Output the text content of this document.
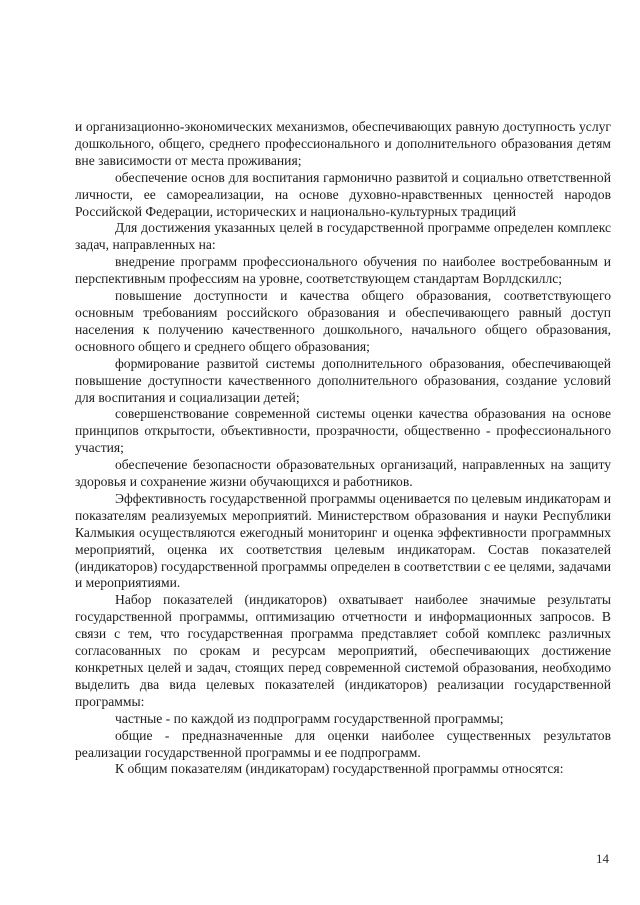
и организационно-экономических механизмов, обеспечивающих равную доступность услуг дошкольного, общего, среднего профессионального и дополнительного образования детям вне зависимости от места проживания;

обеспечение основ для воспитания гармонично развитой и социально ответственной личности, ее самореализации, на основе духовно-нравственных ценностей народов Российской Федерации, исторических и национально-культурных традиций

Для достижения указанных целей в государственной программе определен комплекс задач, направленных на:

внедрение программ профессионального обучения по наиболее востребованным и перспективным профессиям на уровне, соответствующем стандартам Ворлдскиллс;

повышение доступности и качества общего образования, соответствующего основным требованиям российского образования и обеспечивающего равный доступ населения к получению качественного дошкольного, начального общего образования, основного общего и среднего общего образования;

формирование развитой системы дополнительного образования, обеспечивающей повышение доступности качественного дополнительного образования, создание условий для воспитания и социализации детей;

совершенствование современной системы оценки качества образования на основе принципов открытости, объективности, прозрачности, общественно - профессионального участия;

обеспечение безопасности образовательных организаций, направленных на защиту здоровья и сохранение жизни обучающихся и работников.

Эффективность государственной программы оценивается по целевым индикаторам и показателям реализуемых мероприятий. Министерством образования и науки Республики Калмыкия осуществляются ежегодный мониторинг и оценка эффективности программных мероприятий, оценка их соответствия целевым индикаторам. Состав показателей (индикаторов) государственной программы определен в соответствии с ее целями, задачами и мероприятиями.

Набор показателей (индикаторов) охватывает наиболее значимые результаты государственной программы, оптимизацию отчетности и информационных запросов. В связи с тем, что государственная программа представляет собой комплекс различных согласованных по срокам и ресурсам мероприятий, обеспечивающих достижение конкретных целей и задач, стоящих перед современной системой образования, необходимо выделить два вида целевых показателей (индикаторов) реализации государственной программы:

частные - по каждой из подпрограмм государственной программы;

общие - предназначенные для оценки наиболее существенных результатов реализации государственной программы и ее подпрограмм.

К общим показателям (индикаторам) государственной программы относятся:

14
